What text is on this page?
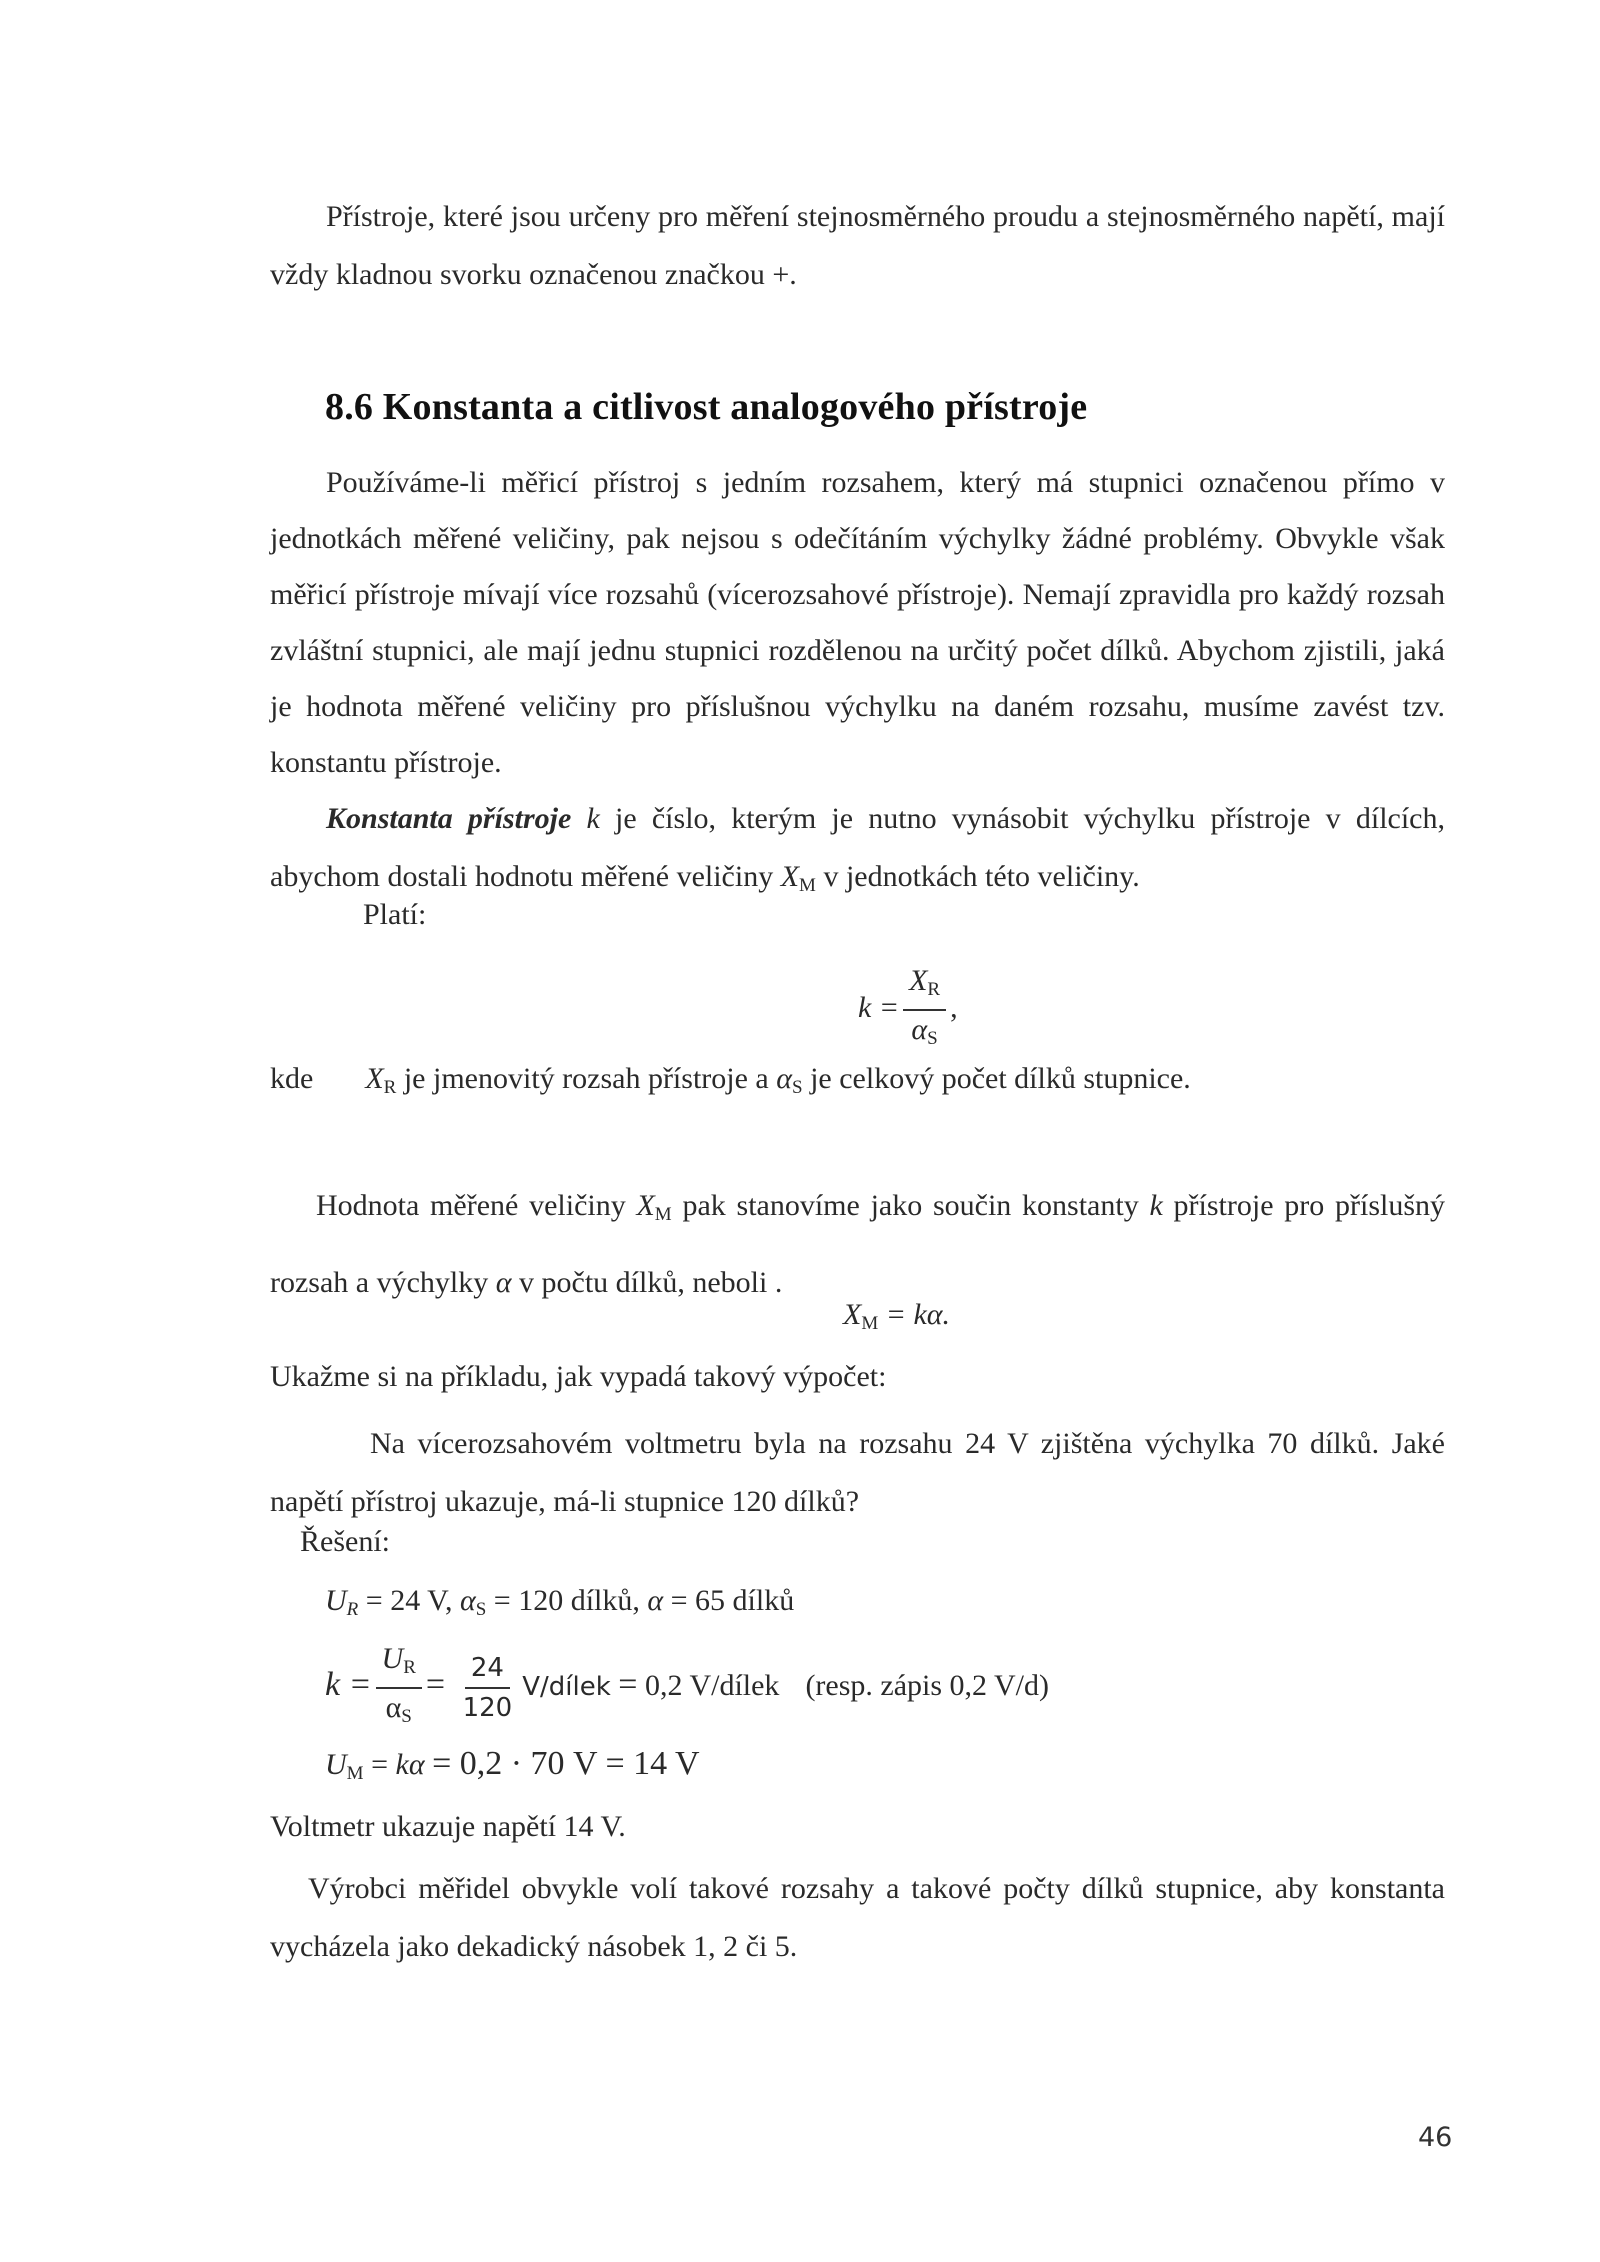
Přístroje, které jsou určeny pro měření stejnosměrného proudu a stejnosměrného napětí, mají vždy kladnou svorku označenou značkou +.

8.6 Konstanta a citlivost analogového přístroje

Používáme-li měřicí přístroj s jedním rozsahem, který má stupnici označenou přímo v jednotkách měřené veličiny, pak nejsou s odečítáním výchylky žádné problémy. Obvykle však měřicí přístroje mívají více rozsahů (vícerozsahové přístroje). Nemají zpravidla pro každý rozsah zvláštní stupnici, ale mají jednu stupnici rozdělenou na určitý počet dílků. Abychom zjistili, jaká je hodnota měřené veličiny pro příslušnou výchylku na daném rozsahu, musíme zavést tzv. konstantu přístroje.

Konstanta přístroje k je číslo, kterým je nutno vynásobit výchylku přístroje v dílcích, abychom dostali hodnotu měřené veličiny $X_M$ v jednotkách této veličiny.

Platí:

$k = \frac{X_R}{\alpha_S}$ ,

kde $X_R$ je jmenovitý rozsah přístroje a $\alpha_S$ je celkový počet dílků stupnice.

Hodnota měřené veličiny $X_M$ pak stanovíme jako součin konstanty k přístroje pro příslušný rozsah a výchylky α v počtu dílků, neboli .

$X_M = k\alpha$.

Ukažme si na příkladu, jak vypadá takový výpočet:

Na vícerozsahovém voltmetru byla na rozsahu 24 V zjištěna výchylka 70 dílků. Jaké napětí přístroj ukazuje, má-li stupnice 120 dílků?

Řešení:

$U_R = 24$ V, $\alpha_S = 120$ dílků, α = 65 dílků

$k = \frac{U_R}{\alpha_S} = \frac{24}{120}$ V/dílek = 0,2 V/dílek (resp. zápis 0,2 V/d)

$U_M = k\alpha = 0,2 \cdot 70$ V = 14 V

Voltmetr ukazuje napětí 14 V.

Výrobci měřidel obvykle volí takové rozsahy a takové počty dílků stupnice, aby konstanta vycházela jako dekadický násobek 1, 2 či 5.

46
